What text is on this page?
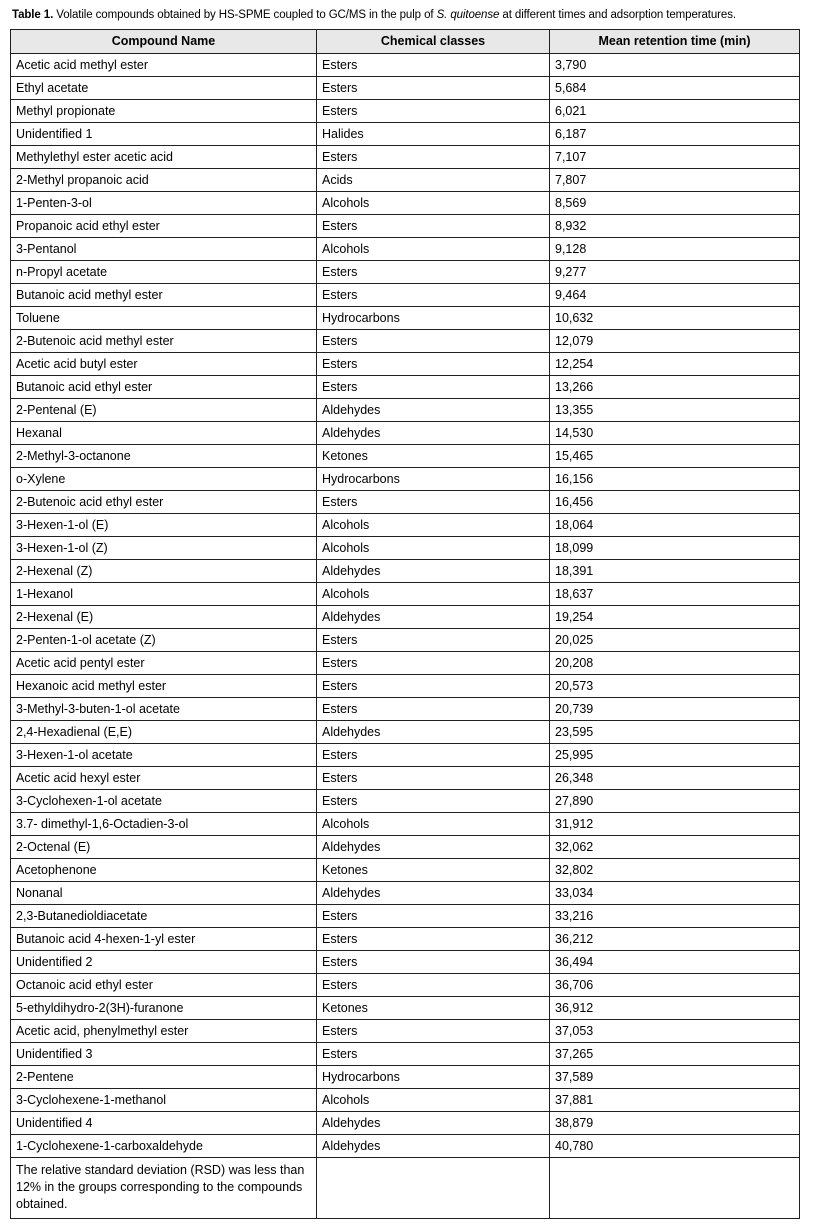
Table 1. Volatile compounds obtained by HS-SPME coupled to GC/MS in the pulp of S. quitoense at different times and adsorption temperatures.

Compound Name	Chemical classes	Mean retention time (min)
Acetic acid methyl ester	Esters	3,790
Ethyl acetate	Esters	5,684
Methyl propionate	Esters	6,021
Unidentified 1	Halides	6,187
Methylethyl ester acetic acid	Esters	7,107
2-Methyl propanoic acid	Acids	7,807
1-Penten-3-ol	Alcohols	8,569
Propanoic acid ethyl ester	Esters	8,932
3-Pentanol	Alcohols	9,128
n-Propyl acetate	Esters	9,277
Butanoic acid methyl ester	Esters	9,464
Toluene	Hydrocarbons	10,632
2-Butenoic acid methyl ester	Esters	12,079
Acetic acid butyl ester	Esters	12,254
Butanoic acid ethyl ester	Esters	13,266
2-Pentenal (E)	Aldehydes	13,355
Hexanal	Aldehydes	14,530
2-Methyl-3-octanone	Ketones	15,465
o-Xylene	Hydrocarbons	16,156
2-Butenoic acid ethyl ester	Esters	16,456
3-Hexen-1-ol (E)	Alcohols	18,064
3-Hexen-1-ol (Z)	Alcohols	18,099
2-Hexenal (Z)	Aldehydes	18,391
1-Hexanol	Alcohols	18,637
2-Hexenal (E)	Aldehydes	19,254
2-Penten-1-ol acetate (Z)	Esters	20,025
Acetic acid pentyl ester	Esters	20,208
Hexanoic acid methyl ester	Esters	20,573
3-Methyl-3-buten-1-ol acetate	Esters	20,739
2,4-Hexadienal (E,E)	Aldehydes	23,595
3-Hexen-1-ol acetate	Esters	25,995
Acetic acid hexyl ester	Esters	26,348
3-Cyclohexen-1-ol acetate	Esters	27,890
3.7- dimethyl-1,6-Octadien-3-ol	Alcohols	31,912
2-Octenal (E)	Aldehydes	32,062
Acetophenone	Ketones	32,802
Nonanal	Aldehydes	33,034
2,3-Butanedioldiacetate	Esters	33,216
Butanoic acid 4-hexen-1-yl ester	Esters	36,212
Unidentified 2	Esters	36,494
Octanoic acid ethyl ester	Esters	36,706
5-ethyldihydro-2(3H)-furanone	Ketones	36,912
Acetic acid, phenylmethyl ester	Esters	37,053
Unidentified 3	Esters	37,265
2-Pentene	Hydrocarbons	37,589
3-Cyclohexene-1-methanol	Alcohols	37,881
Unidentified 4	Aldehydes	38,879
1-Cyclohexene-1-carboxaldehyde	Aldehydes	40,780
The relative standard deviation (RSD) was less than 12% in the groups corresponding to the compounds obtained.		
